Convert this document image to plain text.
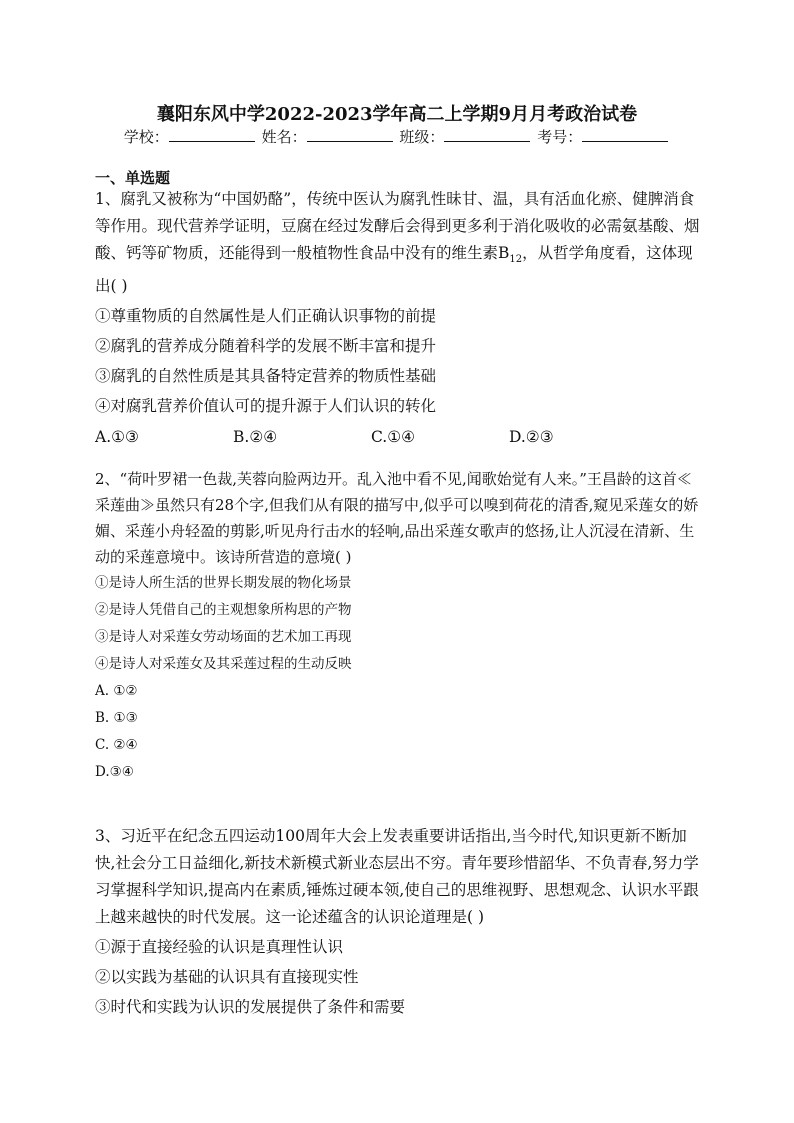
襄阳东风中学2022-2023学年高二上学期9月月考政治试卷
学校：	姓名：	班级：	考号：
一、单选题

1、腐乳又被称为“中国奶酪”，传统中医认为腐乳性昧甘、温，具有活血化瘀、健脾消食等作用。现代营养学证明，豆腐在经过发酵后会得到更多利于消化吸收的必需氨基酸、烟酸、钙等矿物质，还能得到一般植物性食品中没有的维生素$B_{12}$，从哲学角度看，这体现出( )

①尊重物质的自然属性是人们正确认识事物的前提

②腐乳的营养成分随着科学的发展不断丰富和提升

③腐乳的自然性质是其具备特定营养的物质性基础

④对腐乳营养价值认可的提升源于人们认识的转化

A.①③	B.②④	C.①④	D.②③

2、“荷叶罗裙一色裁,芙蓉向脸两边开。乱入池中看不见,闻歌始觉有人来。”王昌龄的这首≪采莲曲≫虽然只有28个字,但我们从有限的描写中,似乎可以嗅到荷花的清香,窥见采莲女的娇媚、采莲小舟轻盈的剪影,听见舟行击水的轻响,品出采莲女歌声的悠扬,让人沉浸在清新、生动的采莲意境中。该诗所营造的意境( )

①是诗人所生活的世界长期发展的物化场景

②是诗人凭借自己的主观想象所构思的产物

③是诗人对采莲女劳动场面的艺术加工再现

④是诗人对采莲女及其采莲过程的生动反映

A. ①②

B. ①③

C. ②④

D.③④

3、习近平在纪念五四运动100周年大会上发表重要讲话指出,当今时代,知识更新不断加快,社会分工日益细化,新技术新模式新业态层出不穷。青年要珍惜韶华、不负青春,努力学习掌握科学知识,提高内在素质,锤炼过硬本领,使自己的思维视野、思想观念、认识水平跟上越来越快的时代发展。这一论述蕴含的认识论道理是( )

①源于直接经验的认识是真理性认识

②以实践为基础的认识具有直接现实性

③时代和实践为认识的发展提供了条件和需要
